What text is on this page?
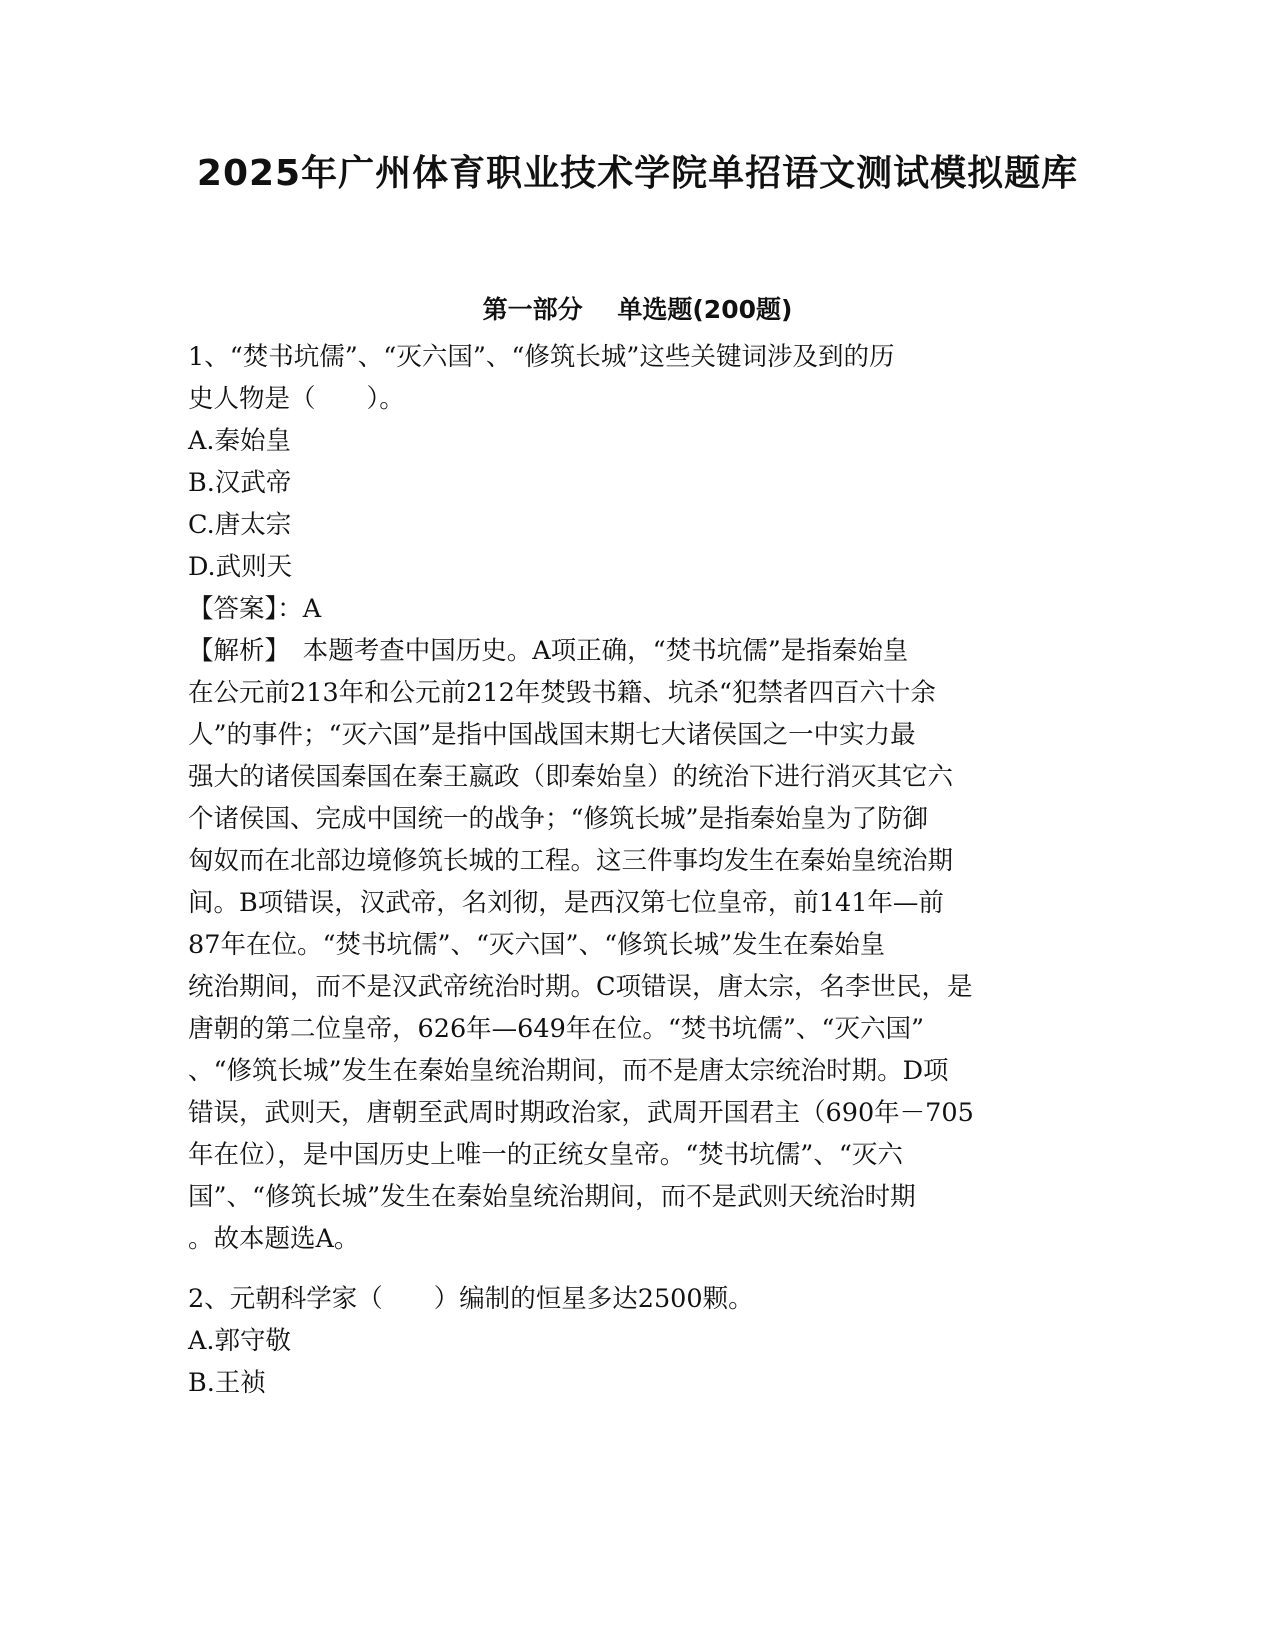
2025年广州体育职业技术学院单招语文测试模拟题库
第一部分    单选题(200题)
1、“焚书坑儒”、“灭六国”、“修筑长城”这些关键词涉及到的历
史人物是（　　）。
A.秦始皇
B.汉武帝
C.唐太宗
D.武则天
【答案】：A
【解析】　本题考查中国历史。A项正确，“焚书坑儒”是指秦始皇
在公元前213年和公元前212年焚毁书籍、坑杀“犯禁者四百六十余
人”的事件；“灭六国”是指中国战国末期七大诸侯国之一中实力最
强大的诸侯国秦国在秦王嬴政（即秦始皇）的统治下进行消灭其它六
个诸侯国、完成中国统一的战争；“修筑长城”是指秦始皇为了防御
匈奴而在北部边境修筑长城的工程。这三件事均发生在秦始皇统治期
间。B项错误，汉武帝，名刘彻，是西汉第七位皇帝，前141年—前
87年在位。“焚书坑儒”、“灭六国”、“修筑长城”发生在秦始皇
统治期间，而不是汉武帝统治时期。C项错误，唐太宗，名李世民，是
唐朝的第二位皇帝，626年—649年在位。“焚书坑儒”、“灭六国”
、“修筑长城”发生在秦始皇统治期间，而不是唐太宗统治时期。D项
错误，武则天，唐朝至武周时期政治家，武周开国君主（690年－705
年在位），是中国历史上唯一的正统女皇帝。“焚书坑儒”、“灭六
国”、“修筑长城”发生在秦始皇统治期间，而不是武则天统治时期
。故本题选A。
2、元朝科学家（　　）编制的恒星多达2500颗。
A.郭守敬
B.王祯
